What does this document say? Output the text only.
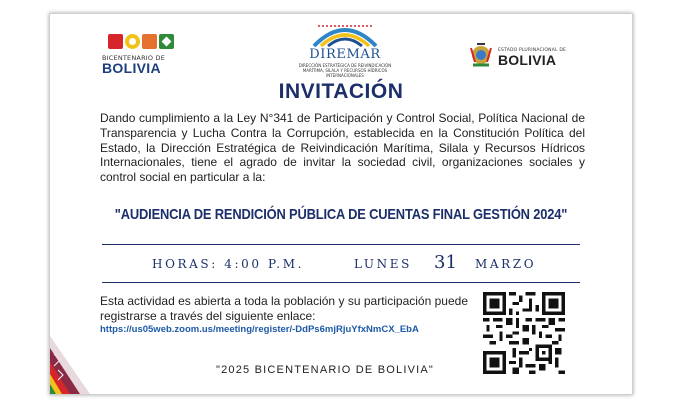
BICENTENARIO DE
BOLIVIA
DIREMAR
DIRECCIÓN ESTRATÉGICA DE REIVINDICACIÓN MARÍTIMA, SILALA Y RECURSOS HÍDRICOS INTERNACIONALES
ESTADO PLURINACIONAL DE
BOLIVIA
INVITACIÓN
Dando cumplimiento a la Ley N°341 de Participación y Control Social, Política Nacional de Transparencia y Lucha Contra la Corrupción, establecida en la Constitución Política del Estado, la Dirección Estratégica de Reivindicación Marítima, Silala y Recursos Hídricos Internacionales, tiene el agrado de invitar la sociedad civil, organizaciones sociales y control social en particular a la:
"AUDIENCIA DE RENDICIÓN PÚBLICA DE CUENTAS FINAL GESTIÓN 2024"
HORAS: 4:00 P.M.	LUNES 31 MARZO
Esta actividad es abierta a toda la población y su participación puede registrarse a través del siguiente enlace:
https://us05web.zoom.us/meeting/register/-DdPs6mjRjuYfxNmCX_EbA
"2025 BICENTENARIO DE BOLIVIA"
